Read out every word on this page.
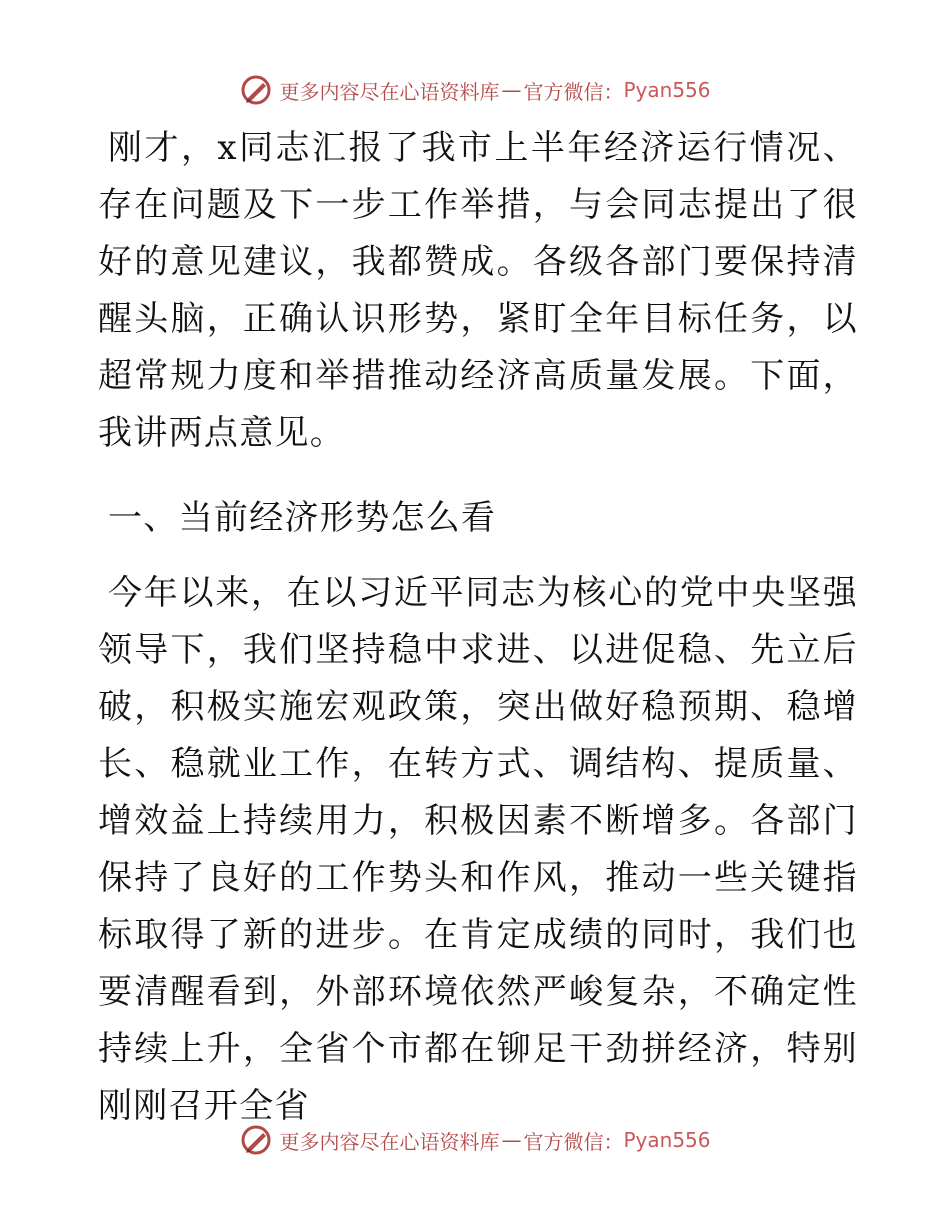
更多内容尽在心语资料库 — 官方微信： Pyan556

刚才，x同志汇报了我市上半年经济运行情况、存在问题及下一步工作举措，与会同志提出了很好的意见建议，我都赞成。各级各部门要保持清醒头脑，正确认识形势，紧盯全年目标任务，以超常规力度和举措推动经济高质量发展。下面，我讲两点意见。

一、当前经济形势怎么看

今年以来，在以习近平同志为核心的党中央坚强领导下，我们坚持稳中求进、以进促稳、先立后破，积极实施宏观政策，突出做好稳预期、稳增长、稳就业工作，在转方式、调结构、提质量、增效益上持续用力，积极因素不断增多。各部门保持了良好的工作势头和作风，推动一些关键指标取得了新的进步。在肯定成绩的同时，我们也要清醒看到，外部环境依然严峻复杂，不确定性持续上升，全省个市都在铆足干劲拼经济，特别刚刚召开全省

更多内容尽在心语资料库 — 官方微信： Pyan556
